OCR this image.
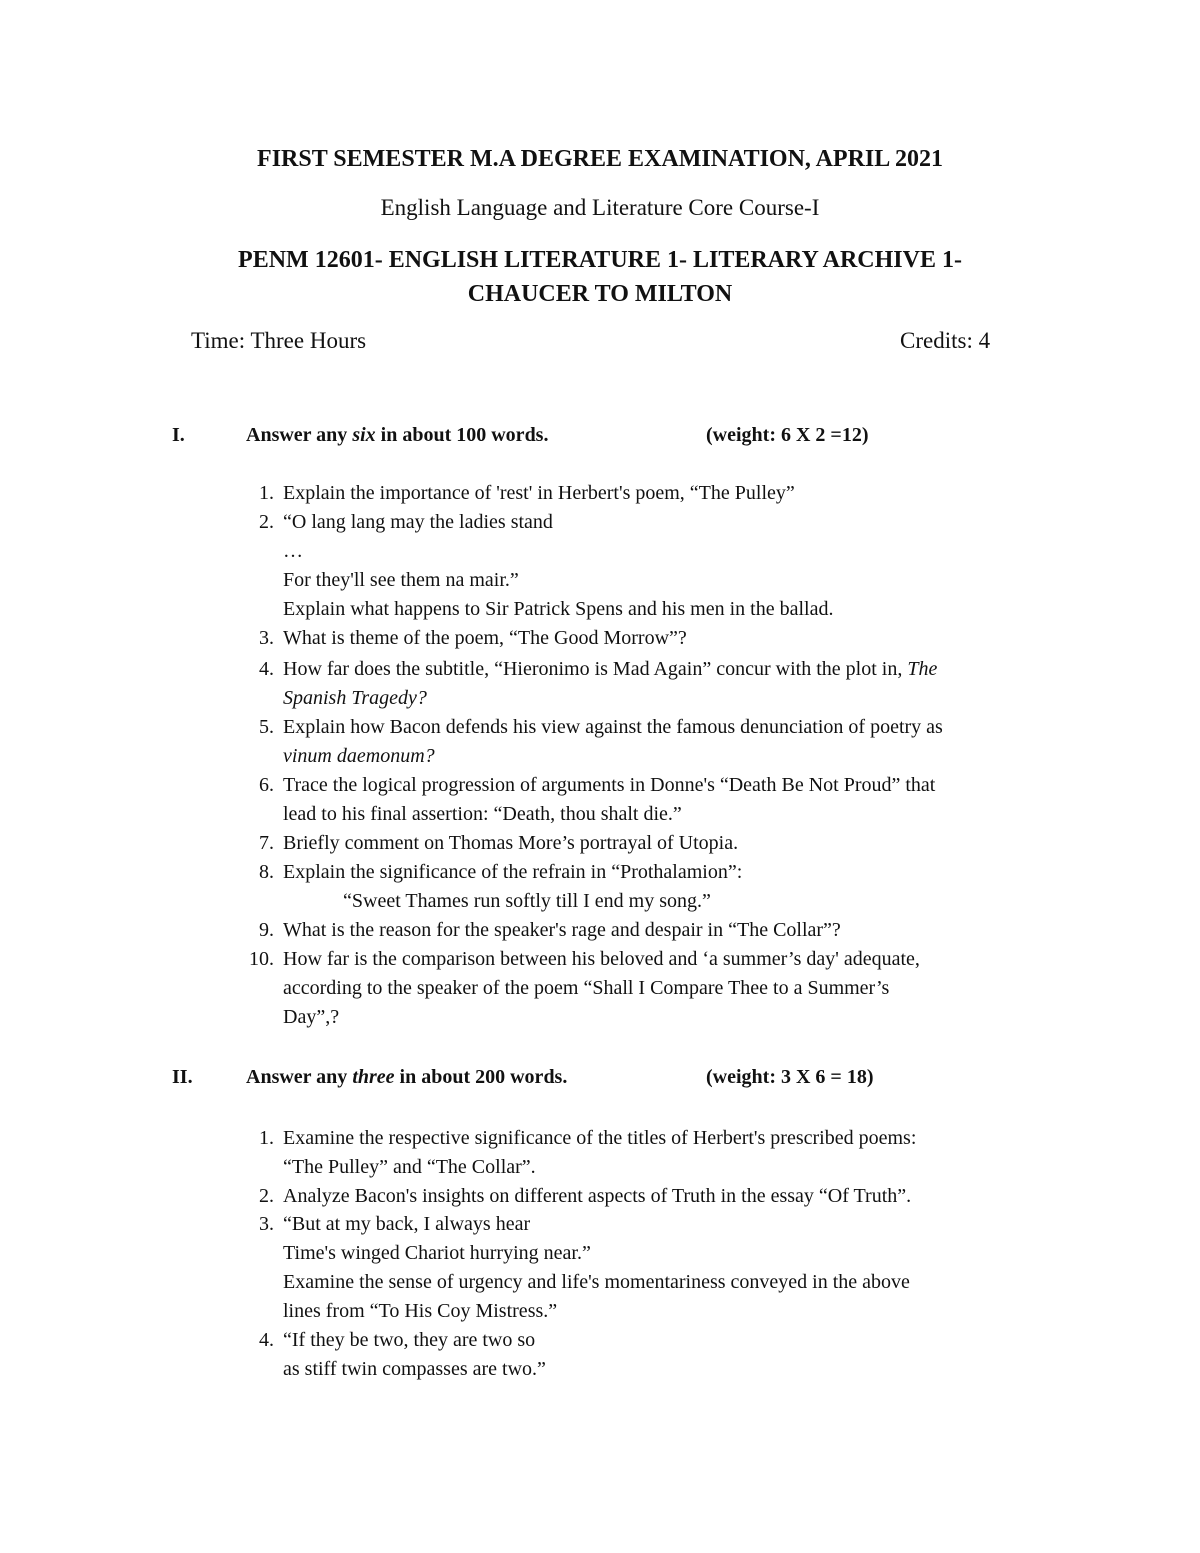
FIRST SEMESTER M.A DEGREE EXAMINATION, APRIL 2021
English Language and Literature Core Course-I
PENM 12601- ENGLISH LITERATURE 1- LITERARY ARCHIVE 1-
CHAUCER TO MILTON
Time: Three Hours	Credits: 4
I.	Answer any six in about 100 words.	(weight: 6 X 2 =12)
1. Explain the importance of 'rest' in Herbert's poem, “The Pulley”
2. “O lang lang may the ladies stand
…
For they'll see them na mair.”
Explain what happens to Sir Patrick Spens and his men in the ballad.
3. What is theme of the poem, “The Good Morrow”?
4. How far does the subtitle, “Hieronimo is Mad Again” concur with the plot in, The
Spanish Tragedy?
5. Explain how Bacon defends his view against the famous denunciation of poetry as
vinum daemonum?
6. Trace the logical progression of arguments in Donne's “Death Be Not Proud” that
lead to his final assertion: “Death, thou shalt die.”
7. Briefly comment on Thomas More’s portrayal of Utopia.
8. Explain the significance of the refrain in “Prothalamion”:
“Sweet Thames run softly till I end my song.”
9. What is the reason for the speaker's rage and despair in “The Collar”?
10. How far is the comparison between his beloved and ‘a summer’s day' adequate,
according to the speaker of the poem “Shall I Compare Thee to a Summer’s
Day”,?
II.	Answer any three in about 200 words.	(weight: 3 X 6 = 18)
1. Examine the respective significance of the titles of Herbert's prescribed poems:
“The Pulley” and “The Collar”.
2. Analyze Bacon's insights on different aspects of Truth in the essay “Of Truth”.
3. “But at my back, I always hear
Time's winged Chariot hurrying near.”
Examine the sense of urgency and life's momentariness conveyed in the above
lines from “To His Coy Mistress.”
4. “If they be two, they are two so
as stiff twin compasses are two.”
